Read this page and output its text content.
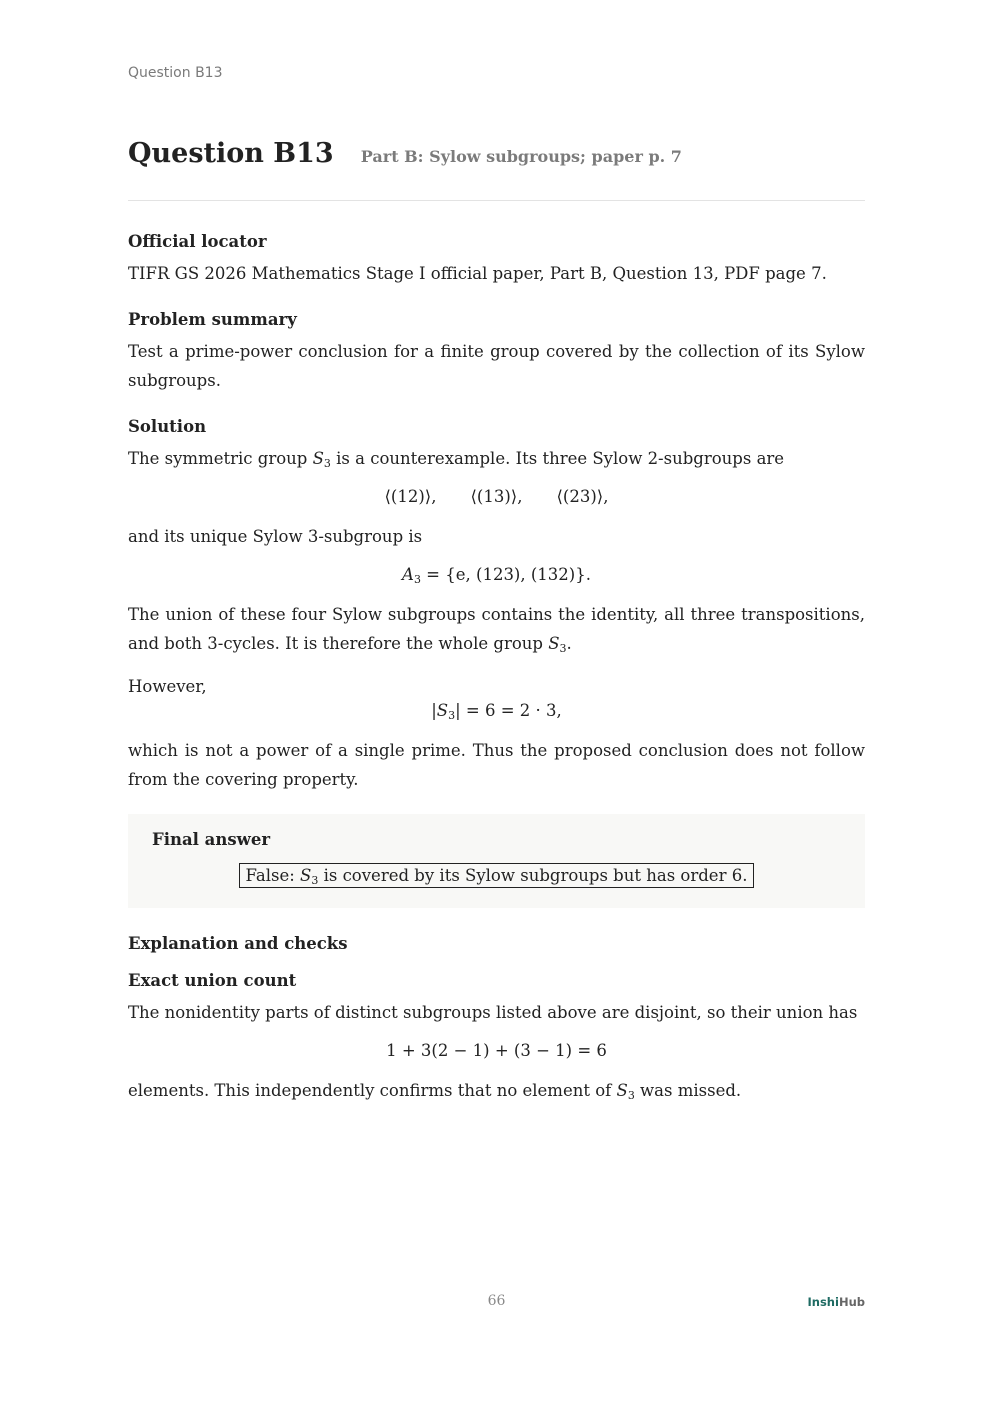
Question B13
Question B13 Part B: Sylow subgroups; paper p. 7
Official locator

TIFR GS 2026 Mathematics Stage I official paper, Part B, Question 13, PDF page 7.

Problem summary

Test a prime-power conclusion for a finite group covered by the collection of its Sylow subgroups.

Solution

The symmetric group $S_3$ is a counterexample. Its three Sylow 2-subgroups are

⟨(12)⟩, ⟨(13)⟩, ⟨(23)⟩,

and its unique Sylow 3-subgroup is

$A_3 = \{e$, (123), (132)}.

The union of these four Sylow subgroups contains the identity, all three transpositions, and both 3-cycles. It is therefore the whole group $S_3$.

However,

$|S_3| = 6 = 2 \cdot 3$,

which is not a power of a single prime. Thus the proposed conclusion does not follow from the covering property.

Final answer
False: $S_3$ is covered by its Sylow subgroups but has order 6.
Explanation and checks
Exact union count

The nonidentity parts of distinct subgroups listed above are disjoint, so their union has

1 + 3(2 − 1) + (3 − 1) = 6

elements. This independently confirms that no element of $S_3$ was missed.

66	InshiHub
